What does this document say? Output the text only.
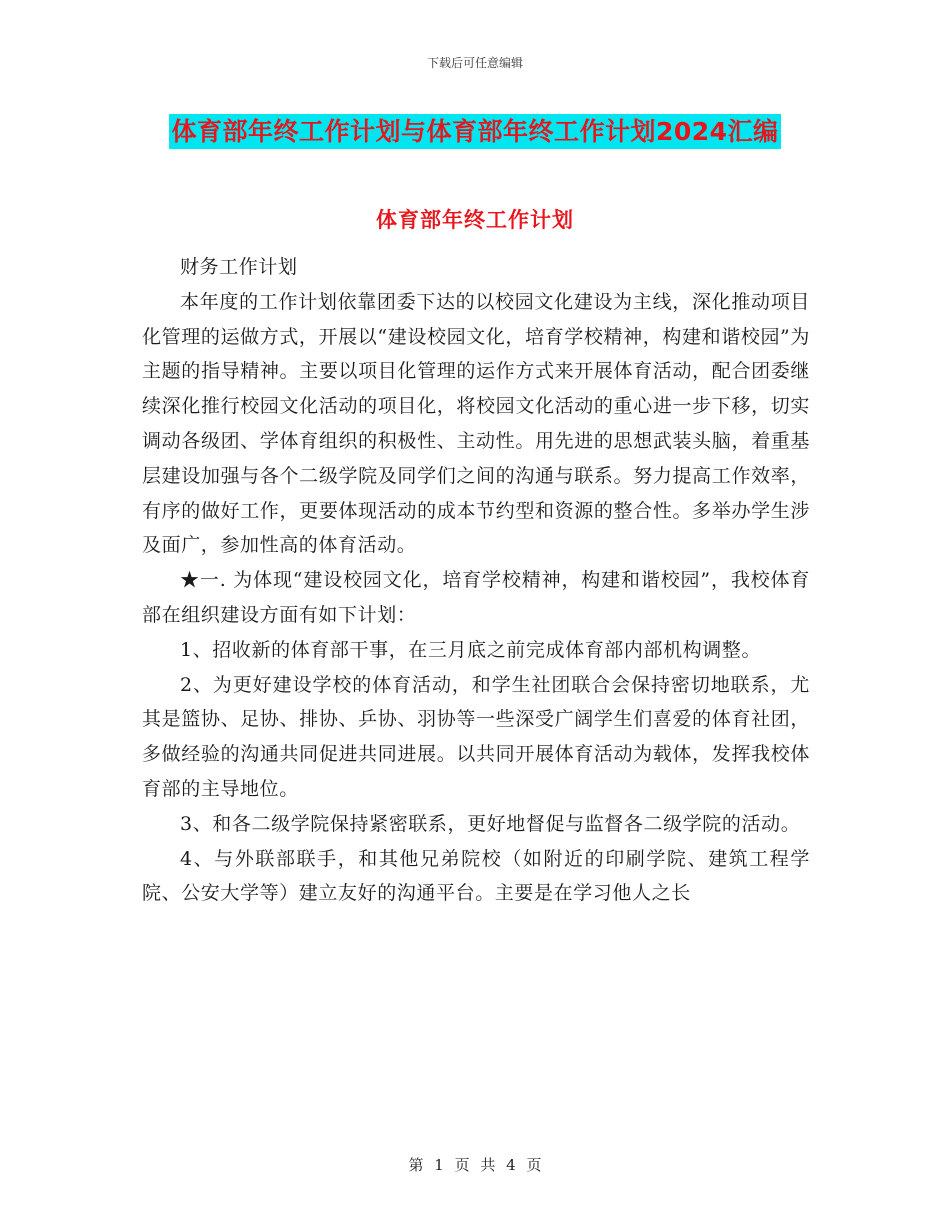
下载后可任意编辑
体育部年终工作计划与体育部年终工作计划2024汇编
体育部年终工作计划

财务工作计划

本年度的工作计划依靠团委下达的以校园文化建设为主线，深化推动项目化管理的运做方式，开展以“建设校园文化，培育学校精神，构建和谐校园”为主题的指导精神。主要以项目化管理的运作方式来开展体育活动，配合团委继续深化推行校园文化活动的项目化，将校园文化活动的重心进一步下移，切实调动各级团、学体育组织的积极性、主动性。用先进的思想武装头脑，着重基层建设加强与各个二级学院及同学们之间的沟通与联系。努力提高工作效率，有序的做好工作，更要体现活动的成本节约型和资源的整合性。多举办学生涉及面广，参加性高的体育活动。

★一. 为体现“建设校园文化，培育学校精神，构建和谐校园”，我校体育部在组织建设方面有如下计划：

1、招收新的体育部干事，在三月底之前完成体育部内部机构调整。

2、为更好建设学校的体育活动，和学生社团联合会保持密切地联系，尤其是篮协、足协、排协、乒协、羽协等一些深受广阔学生们喜爱的体育社团，多做经验的沟通共同促进共同进展。以共同开展体育活动为载体，发挥我校体育部的主导地位。

3、和各二级学院保持紧密联系，更好地督促与监督各二级学院的活动。

4、与外联部联手，和其他兄弟院校（如附近的印刷学院、建筑工程学院、公安大学等）建立友好的沟通平台。主要是在学习他人之长

第 1 页 共 4 页
